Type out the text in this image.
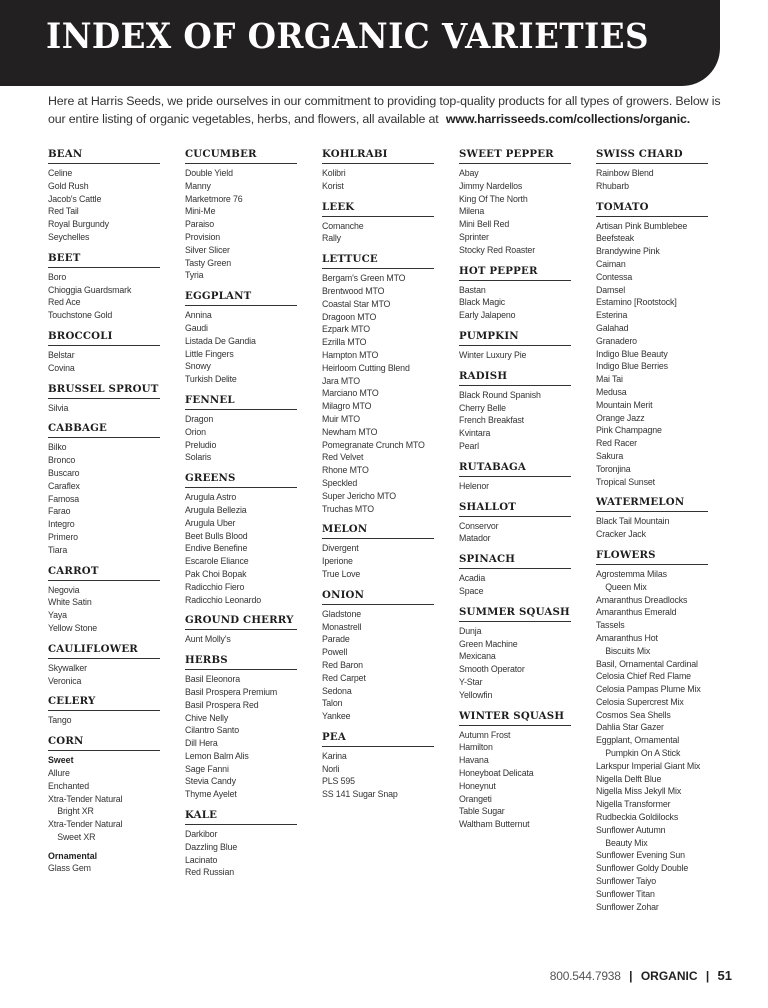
INDEX OF ORGANIC VARIETIES
Here at Harris Seeds, we pride ourselves in our commitment to providing top-quality products for all types of growers. Below is our entire listing of organic vegetables, herbs, and flowers, all available at www.harrisseeds.com/collections/organic.
BEAN
Celine
Gold Rush
Jacob's Cattle
Red Tail
Royal Burgundy
Seychelles
BEET
Boro
Chioggia Guardsmark
Red Ace
Touchstone Gold
BROCCOLI
Belstar
Covina
BRUSSEL SPROUT
Silvia
CABBAGE
Bilko
Bronco
Buscaro
Caraflex
Famosa
Farao
Integro
Primero
Tiara
CARROT
Negovia
White Satin
Yaya
Yellow Stone
CAULIFLOWER
Skywalker
Veronica
CELERY
Tango
CORN
Sweet
Allure
Enchanted
Xtra-Tender Natural
Bright XR
Xtra-Tender Natural
Sweet XR
Ornamental
Glass Gem
CUCUMBER
Double Yield
Manny
Marketmore 76
Mini-Me
Paraiso
Provision
Silver Slicer
Tasty Green
Tyria
EGGPLANT
Annina
Gaudi
Listada De Gandia
Little Fingers
Snowy
Turkish Delite
FENNEL
Dragon
Orion
Preludio
Solaris
GREENS
Arugula Astro
Arugula Bellezia
Arugula Uber
Beet Bulls Blood
Endive Benefine
Escarole Eliance
Pak Choi Bopak
Radicchio Fiero
Radicchio Leonardo
GROUND CHERRY
Aunt Molly's
HERBS
Basil Eleonora
Basil Prospera Premium
Basil Prospera Red
Chive Nelly
Cilantro Santo
Dill Hera
Lemon Balm Alis
Sage Fanni
Stevia Candy
Thyme Ayelet
KALE
Darkibor
Dazzling Blue
Lacinato
Red Russian
KOHLRABI
Kolibri
Korist
LEEK
Comanche
Rally
LETTUCE
Bergam's Green MTO
Brentwood MTO
Coastal Star MTO
Dragoon MTO
Ezpark MTO
Ezrilla MTO
Hampton MTO
Heirloom Cutting Blend
Jara MTO
Marciano MTO
Milagro MTO
Muir MTO
Newham MTO
Pomegranate Crunch MTO
Red Velvet
Rhone MTO
Speckled
Super Jericho MTO
Truchas MTO
MELON
Divergent
Iperione
True Love
ONION
Gladstone
Monastrell
Parade
Powell
Red Baron
Red Carpet
Sedona
Talon
Yankee
PEA
Karina
Norli
PLS 595
SS 141 Sugar Snap
SWEET PEPPER
Abay
Jimmy Nardellos
King Of The North
Milena
Mini Bell Red
Sprinter
Stocky Red Roaster
HOT PEPPER
Bastan
Black Magic
Early Jalapeno
PUMPKIN
Winter Luxury Pie
RADISH
Black Round Spanish
Cherry Belle
French Breakfast
Kvintara
Pearl
RUTABAGA
Helenor
SHALLOT
Conservor
Matador
SPINACH
Acadia
Space
SUMMER SQUASH
Dunja
Green Machine
Mexicana
Smooth Operator
Y-Star
Yellowfin
WINTER SQUASH
Autumn Frost
Hamilton
Havana
Honeyboat Delicata
Honeynut
Orangeti
Table Sugar
Waltham Butternut
SWISS CHARD
Rainbow Blend
Rhubarb
TOMATO
Artisan Pink Bumblebee
Beefsteak
Brandywine Pink
Caiman
Contessa
Damsel
Estamino [Rootstock]
Esterina
Galahad
Granadero
Indigo Blue Beauty
Indigo Blue Berries
Mai Tai
Medusa
Mountain Merit
Orange Jazz
Pink Champagne
Red Racer
Sakura
Toronjina
Tropical Sunset
WATERMELON
Black Tail Mountain
Cracker Jack
FLOWERS
Agrostemma Milas
Queen Mix
Amaranthus Dreadlocks
Amaranthus Emerald
Tassels
Amaranthus Hot
Biscuits Mix
Basil, Ornamental Cardinal
Celosia Chief Red Flame
Celosia Pampas Plume Mix
Celosia Supercrest Mix
Cosmos Sea Shells
Dahlia Star Gazer
Eggplant, Ornamental
Pumpkin On A Stick
Larkspur Imperial Giant Mix
Nigella Delft Blue
Nigella Miss Jekyll Mix
Nigella Transformer
Rudbeckia Goldilocks
Sunflower Autumn
Beauty Mix
Sunflower Evening Sun
Sunflower Goldy Double
Sunflower Taiyo
Sunflower Titan
Sunflower Zohar
800.544.7938 | ORGANIC | 51
